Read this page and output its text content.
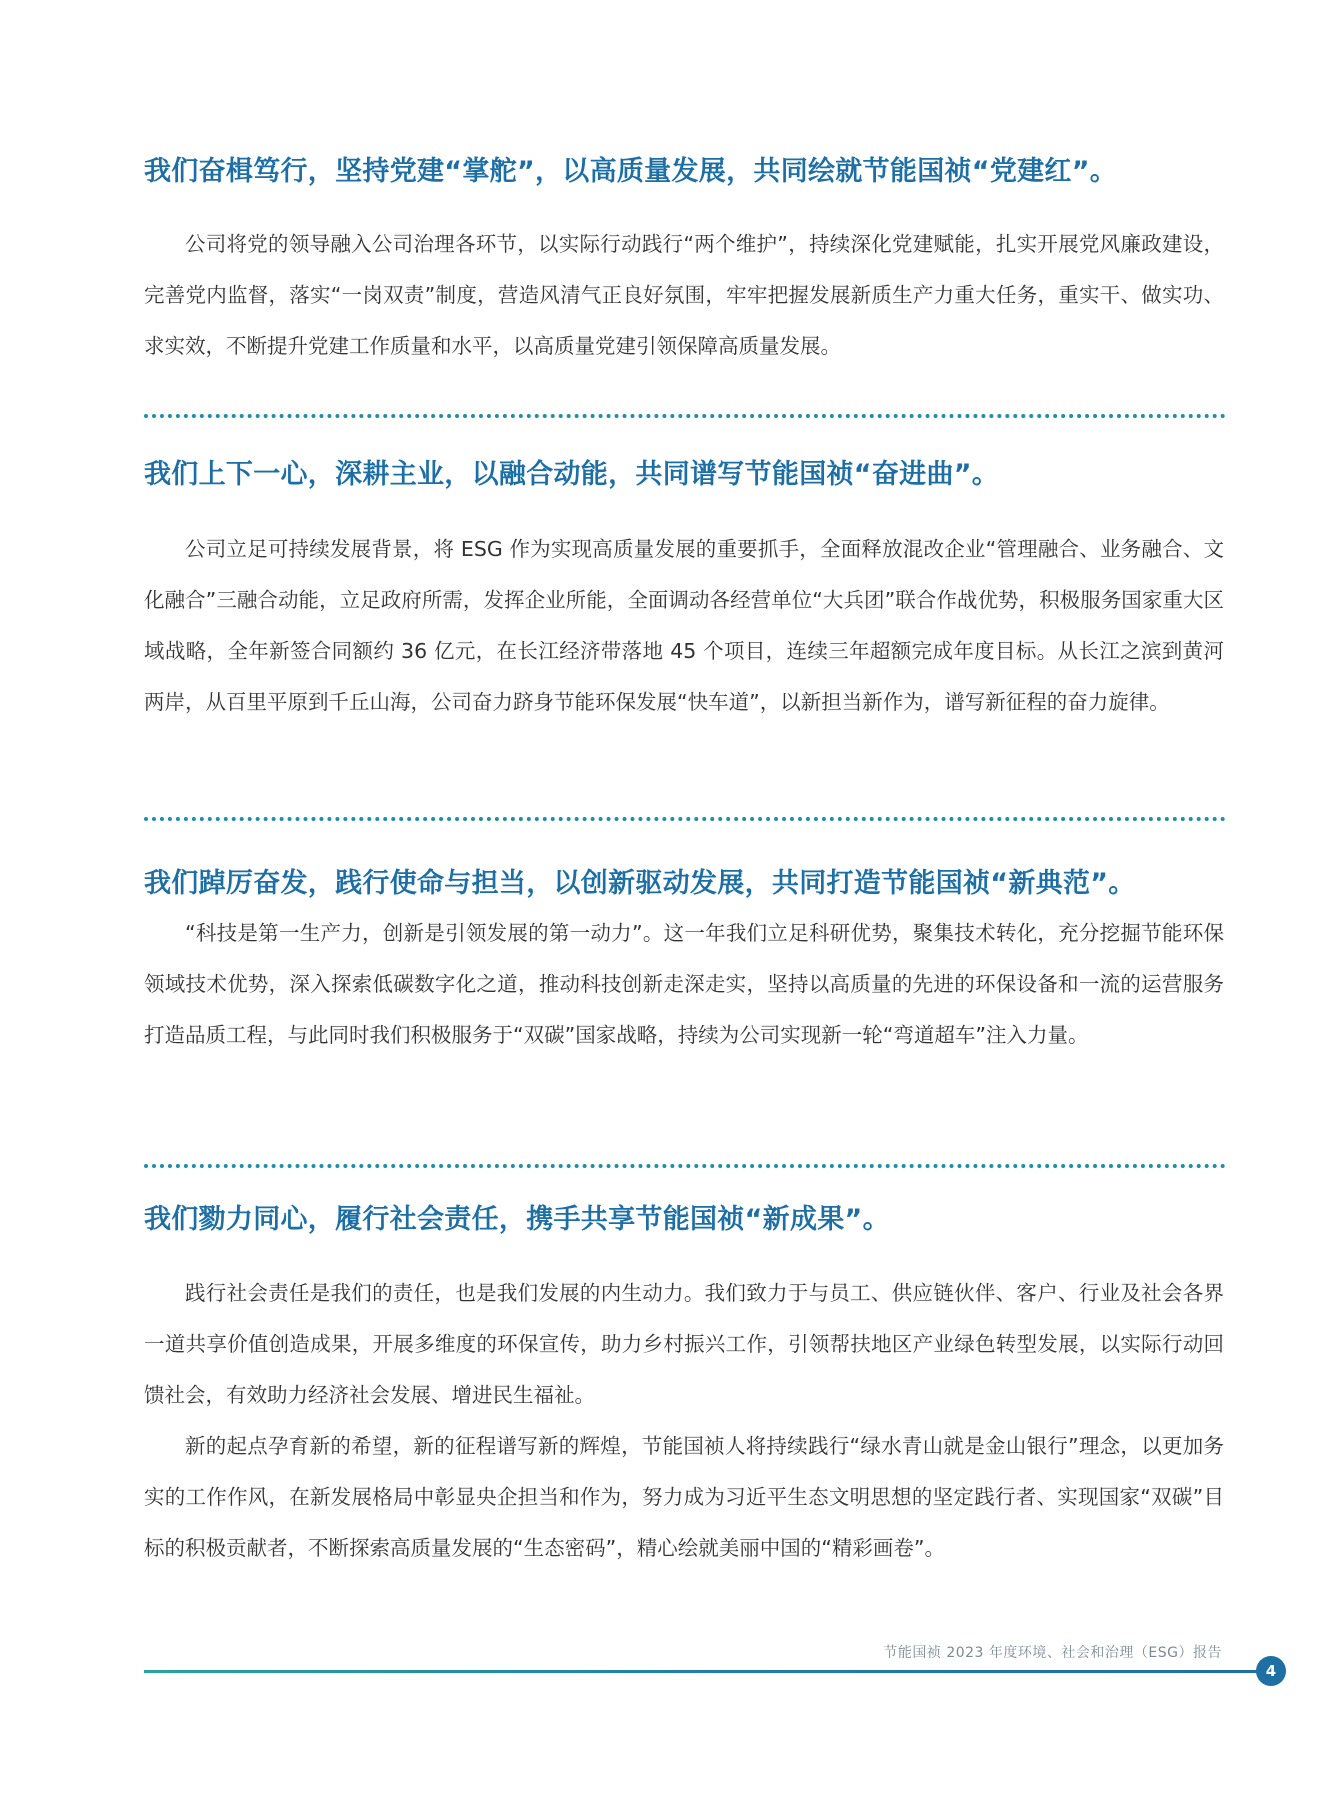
我们奋楫笃行，坚持党建“掌舵”，以高质量发展，共同绘就节能国祯“党建红”。

公司将党的领导融入公司治理各环节，以实际行动践行“两个维护”，持续深化党建赋能，扎实开展党风廉政建设，完善党内监督，落实“一岗双责”制度，营造风清气正良好氛围，牢牢把握发展新质生产力重大任务，重实干、做实功、求实效，不断提升党建工作质量和水平，以高质量党建引领保障高质量发展。

我们上下一心，深耕主业，以融合动能，共同谱写节能国祯“奋进曲”。

公司立足可持续发展背景，将 ESG 作为实现高质量发展的重要抓手，全面释放混改企业“管理融合、业务融合、文化融合”三融合动能，立足政府所需，发挥企业所能，全面调动各经营单位“大兵团”联合作战优势，积极服务国家重大区域战略，全年新签合同额约 36 亿元，在长江经济带落地 45 个项目，连续三年超额完成年度目标。从长江之滨到黄河两岸，从百里平原到千丘山海，公司奋力跻身节能环保发展“快车道”，以新担当新作为，谱写新征程的奋力旋律。

我们踔厉奋发，践行使命与担当，以创新驱动发展，共同打造节能国祯“新典范”。

“科技是第一生产力，创新是引领发展的第一动力”。这一年我们立足科研优势，聚集技术转化，充分挖掘节能环保领域技术优势，深入探索低碳数字化之道，推动科技创新走深走实，坚持以高质量的先进的环保设备和一流的运营服务打造品质工程，与此同时我们积极服务于“双碳”国家战略，持续为公司实现新一轮“弯道超车”注入力量。

我们勠力同心，履行社会责任，携手共享节能国祯“新成果”。

践行社会责任是我们的责任，也是我们发展的内生动力。我们致力于与员工、供应链伙伴、客户、行业及社会各界一道共享价值创造成果，开展多维度的环保宣传，助力乡村振兴工作，引领帮扶地区产业绿色转型发展，以实际行动回馈社会，有效助力经济社会发展、增进民生福祉。

新的起点孕育新的希望，新的征程谱写新的辉煌，节能国祯人将持续践行“绿水青山就是金山银行”理念，以更加务实的工作作风，在新发展格局中彰显央企担当和作为，努力成为习近平生态文明思想的坚定践行者、实现国家“双碳”目标的积极贡献者，不断探索高质量发展的“生态密码”，精心绘就美丽中国的“精彩画卷”。

节能国祯 2023 年度环境、社会和治理（ESG）报告
4
